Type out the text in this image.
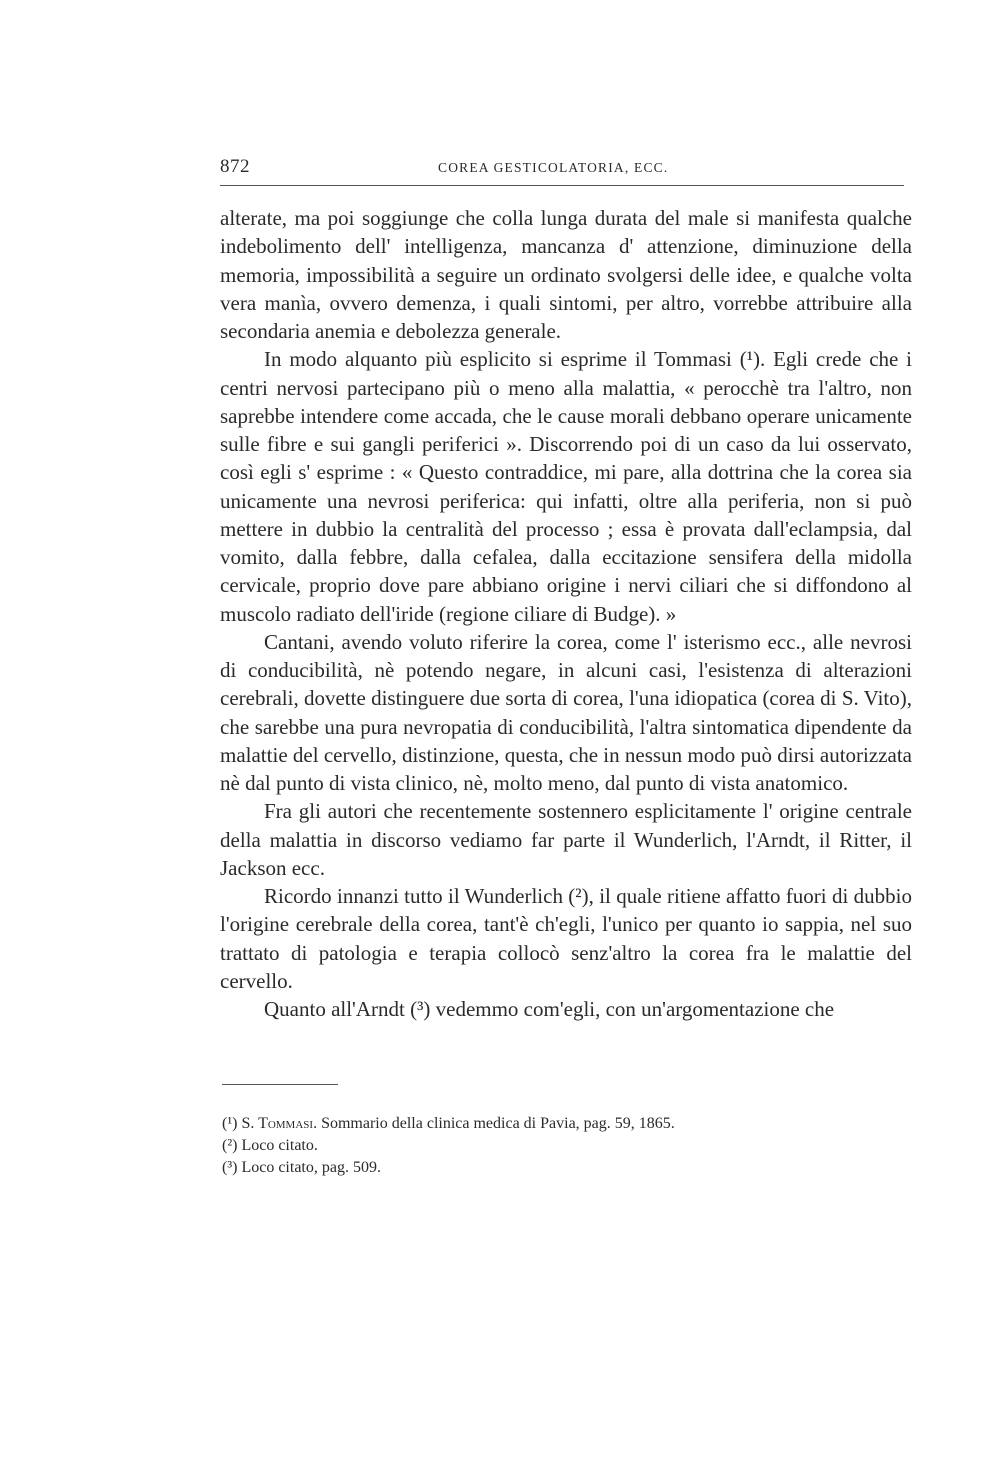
872	COREA GESTICOLATORIA, ECC.

alterate, ma poi soggiunge che colla lunga durata del male si manifesta qualche indebolimento dell' intelligenza, mancanza d' attenzione, diminuzione della memoria, impossibilità a seguire un ordinato svolgersi delle idee, e qualche volta vera manìa, ovvero demenza, i quali sintomi, per altro, vorrebbe attribuire alla secondaria anemia e debolezza generale.

In modo alquanto più esplicito si esprime il Tommasi (¹). Egli crede che i centri nervosi partecipano più o meno alla malattia, « perocchè tra l'altro, non saprebbe intendere come accada, che le cause morali debbano operare unicamente sulle fibre e sui gangli periferici ». Discorrendo poi di un caso da lui osservato, così egli s' esprime : « Questo contraddice, mi pare, alla dottrina che la corea sia unicamente una nevrosi periferica: qui infatti, oltre alla periferia, non si può mettere in dubbio la centralità del processo ; essa è provata dall'eclampsia, dal vomito, dalla febbre, dalla cefalea, dalla eccitazione sensifera della midolla cervicale, proprio dove pare abbiano origine i nervi ciliari che si diffondono al muscolo radiato dell'iride (regione ciliare di Budge). »

Cantani, avendo voluto riferire la corea, come l' isterismo ecc., alle nevrosi di conducibilità, nè potendo negare, in alcuni casi, l'esistenza di alterazioni cerebrali, dovette distinguere due sorta di corea, l'una idiopatica (corea di S. Vito), che sarebbe una pura nevropatia di conducibilità, l'altra sintomatica dipendente da malattie del cervello, distinzione, questa, che in nessun modo può dirsi autorizzata nè dal punto di vista clinico, nè, molto meno, dal punto di vista anatomico.

Fra gli autori che recentemente sostennero esplicitamente l' origine centrale della malattia in discorso vediamo far parte il Wunderlich, l'Arndt, il Ritter, il Jackson ecc.

Ricordo innanzi tutto il Wunderlich (²), il quale ritiene affatto fuori di dubbio l'origine cerebrale della corea, tant'è ch'egli, l'unico per quanto io sappia, nel suo trattato di patologia e terapia collocò senz'altro la corea fra le malattie del cervello.

Quanto all'Arndt (³) vedemmo com'egli, con un'argomentazione che

(¹) S. Tommasi. Sommario della clinica medica di Pavia, pag. 59, 1865.

(²) Loco citato.

(³) Loco citato, pag. 509.
